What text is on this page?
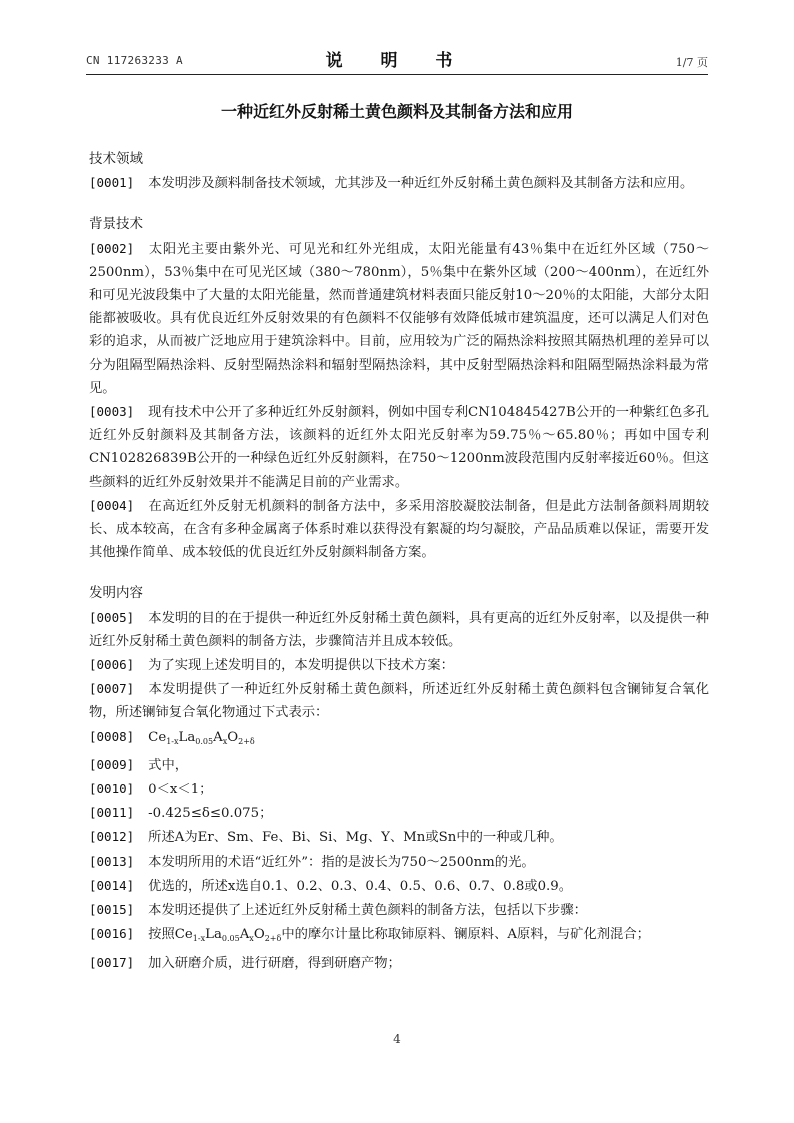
CN 117263233 A	说 明 书	1/7 页
一种近红外反射稀土黄色颜料及其制备方法和应用
技术领域
[0001] 本发明涉及颜料制备技术领域，尤其涉及一种近红外反射稀土黄色颜料及其制备方法和应用。
背景技术
[0002] 太阳光主要由紫外光、可见光和红外光组成，太阳光能量有43％集中在近红外区域（750～2500nm），53％集中在可见光区域（380～780nm），5％集中在紫外区域（200～400nm），在近红外和可见光波段集中了大量的太阳光能量，然而普通建筑材料表面只能反射10～20％的太阳能，大部分太阳能都被吸收。具有优良近红外反射效果的有色颜料不仅能够有效降低城市建筑温度，还可以满足人们对色彩的追求，从而被广泛地应用于建筑涂料中。目前，应用较为广泛的隔热涂料按照其隔热机理的差异可以分为阻隔型隔热涂料、反射型隔热涂料和辐射型隔热涂料，其中反射型隔热涂料和阻隔型隔热涂料最为常见。
[0003] 现有技术中公开了多种近红外反射颜料，例如中国专利CN104845427B公开的一种紫红色多孔近红外反射颜料及其制备方法，该颜料的近红外太阳光反射率为59.75％～65.80％；再如中国专利CN102826839B公开的一种绿色近红外反射颜料，在750～1200nm波段范围内反射率接近60％。但这些颜料的近红外反射效果并不能满足目前的产业需求。
[0004] 在高近红外反射无机颜料的制备方法中，多采用溶胶凝胶法制备，但是此方法制备颜料周期较长、成本较高，在含有多种金属离子体系时难以获得没有絮凝的均匀凝胶，产品品质难以保证，需要开发其他操作简单、成本较低的优良近红外反射颜料制备方案。
发明内容
[0005] 本发明的目的在于提供一种近红外反射稀土黄色颜料，具有更高的近红外反射率，以及提供一种近红外反射稀土黄色颜料的制备方法，步骤简洁并且成本较低。
[0006] 为了实现上述发明目的，本发明提供以下技术方案：
[0007] 本发明提供了一种近红外反射稀土黄色颜料，所述近红外反射稀土黄色颜料包含镧铈复合氧化物，所述镧铈复合氧化物通过下式表示：
[0008] $Ce_{1-x}La_{0.05}A_xO_{2+\delta}$
[0009] 式中，
[0010] 0＜x＜1；
[0011] -0.425≤δ≤0.075；
[0012] 所述A为Er、Sm、Fe、Bi、Si、Mg、Y、Mn或Sn中的一种或几种。
[0013] 本发明所用的术语“近红外”：指的是波长为750～2500nm的光。
[0014] 优选的，所述x选自0.1、0.2、0.3、0.4、0.5、0.6、0.7、0.8或0.9。
[0015] 本发明还提供了上述近红外反射稀土黄色颜料的制备方法，包括以下步骤：
[0016] 按照$Ce_{1-x}La_{0.05}A_xO_{2+\delta}$中的摩尔计量比称取铈原料、镧原料、A原料，与矿化剂混合；
[0017] 加入研磨介质，进行研磨，得到研磨产物；
4
